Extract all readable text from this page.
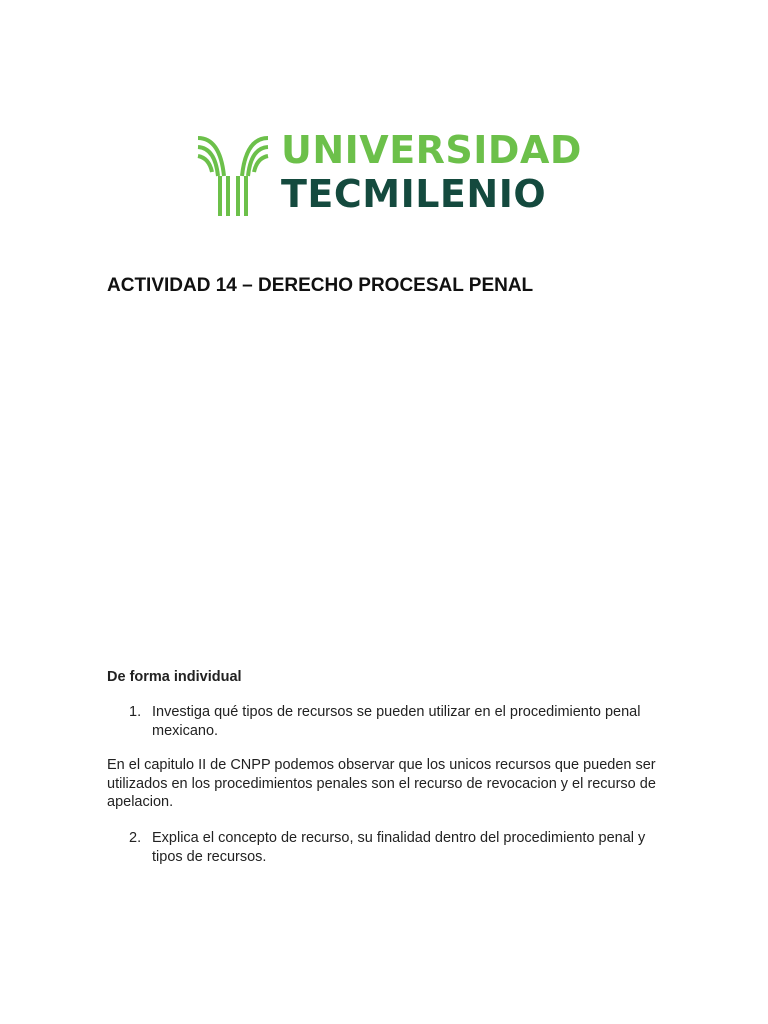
UNIVERSIDAD
TECMILENIO
ACTIVIDAD 14 – DERECHO PROCESAL PENAL
De forma individual
1. Investiga qué tipos de recursos se pueden utilizar en el procedimiento penal mexicano.

En el capitulo II de CNPP podemos observar que los unicos recursos que pueden ser utilizados en los procedimientos penales son el recurso de revocacion y el recurso de apelacion.

2. Explica el concepto de recurso, su finalidad dentro del procedimiento penal y tipos de recursos.
